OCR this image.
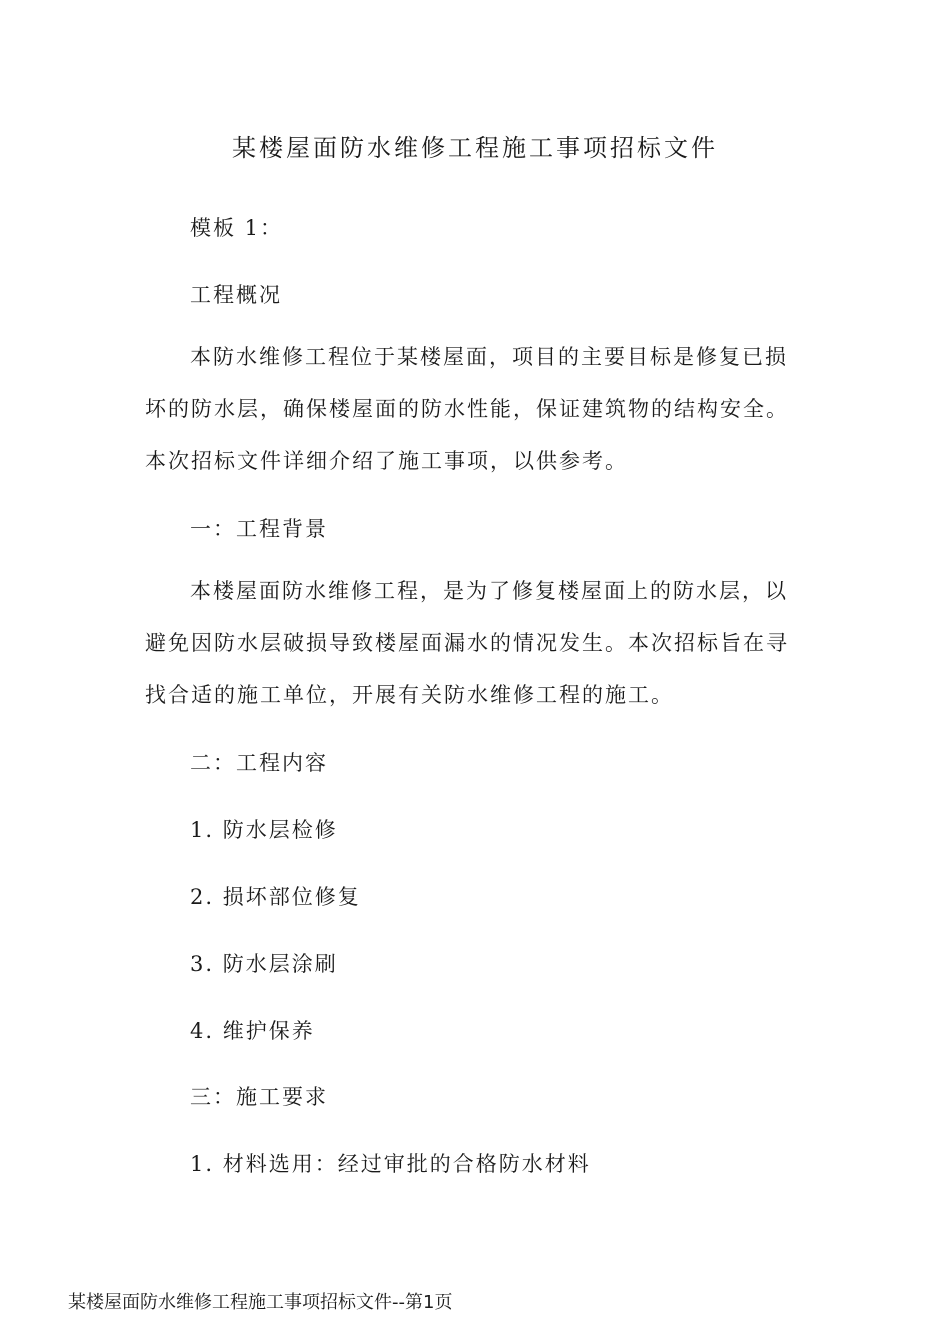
某楼屋面防水维修工程施工事项招标文件

模板 1：

工程概况

本防水维修工程位于某楼屋面，项目的主要目标是修复已损坏的防水层，确保楼屋面的防水性能，保证建筑物的结构安全。本次招标文件详细介绍了施工事项，以供参考。

一：工程背景

本楼屋面防水维修工程，是为了修复楼屋面上的防水层，以避免因防水层破损导致楼屋面漏水的情况发生。本次招标旨在寻找合适的施工单位，开展有关防水维修工程的施工。

二：工程内容

1. 防水层检修

2. 损坏部位修复

3. 防水层涂刷

4. 维护保养

三：施工要求

1. 材料选用：经过审批的合格防水材料

某楼屋面防水维修工程施工事项招标文件--第1页
